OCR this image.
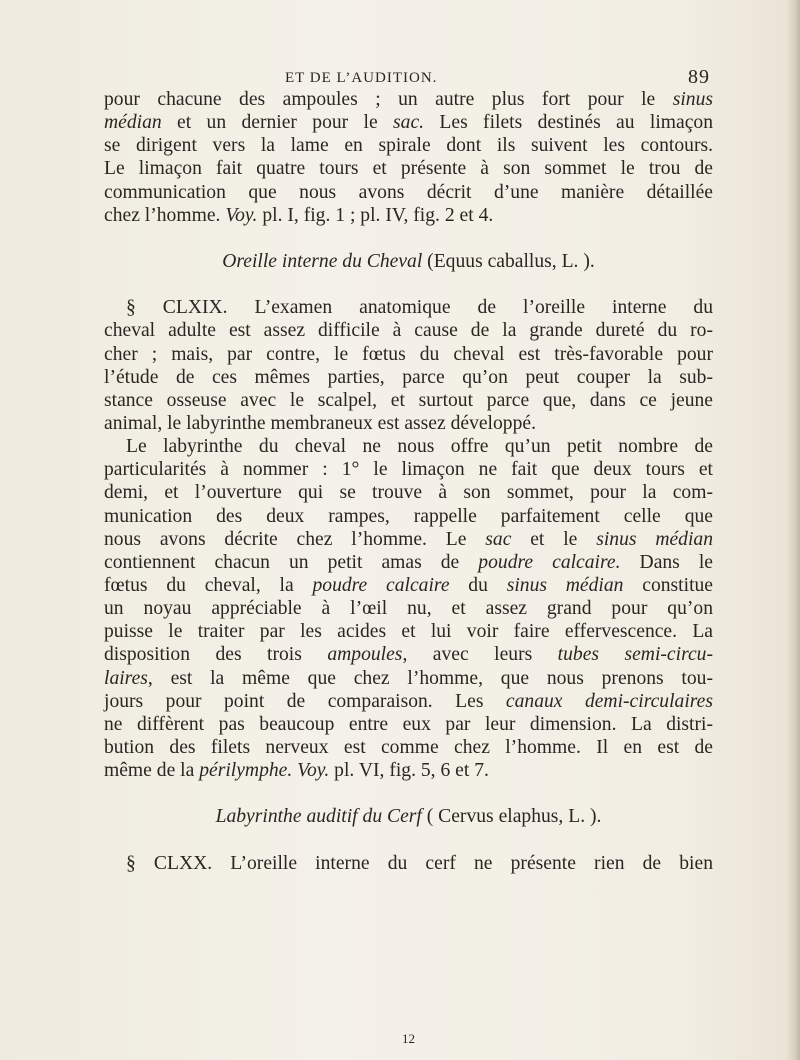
ET DE L’AUDITION.	89
pour chacune des ampoules ; un autre plus fort pour le sinus
médian et un dernier pour le sac. Les filets destinés au limaçon
se dirigent vers la lame en spirale dont ils suivent les contours.
Le limaçon fait quatre tours et présente à son sommet le trou de
communication que nous avons décrit d’une manière détaillée
chez l’homme. Voy. pl. I, fig. 1 ; pl. IV, fig. 2 et 4.
Oreille interne du Cheval (Equus caballus, L. ).
§ CLXIX. L’examen anatomique de l’oreille interne du
cheval adulte est assez difficile à cause de la grande dureté du ro-
cher ; mais, par contre, le fœtus du cheval est très-favorable pour
l’étude de ces mêmes parties, parce qu’on peut couper la sub-
stance osseuse avec le scalpel, et surtout parce que, dans ce jeune
animal, le labyrinthe membraneux est assez développé.
Le labyrinthe du cheval ne nous offre qu’un petit nombre de
particularités à nommer : 1° le limaçon ne fait que deux tours et
demi, et l’ouverture qui se trouve à son sommet, pour la com-
munication des deux rampes, rappelle parfaitement celle que
nous avons décrite chez l’homme. Le sac et le sinus médian
contiennent chacun un petit amas de poudre calcaire. Dans le
fœtus du cheval, la poudre calcaire du sinus médian constitue
un noyau appréciable à l’œil nu, et assez grand pour qu’on
puisse le traiter par les acides et lui voir faire effervescence. La
disposition des trois ampoules, avec leurs tubes semi-circu-
laires, est la même que chez l’homme, que nous prenons tou-
jours pour point de comparaison. Les canaux demi-circulaires
ne diffèrent pas beaucoup entre eux par leur dimension. La distri-
bution des filets nerveux est comme chez l’homme. Il en est de
même de la périlymphe. Voy. pl. VI, fig. 5, 6 et 7.
Labyrinthe auditif du Cerf ( Cervus elaphus, L. ).
§ CLXX. L’oreille interne du cerf ne présente rien de bien
12
